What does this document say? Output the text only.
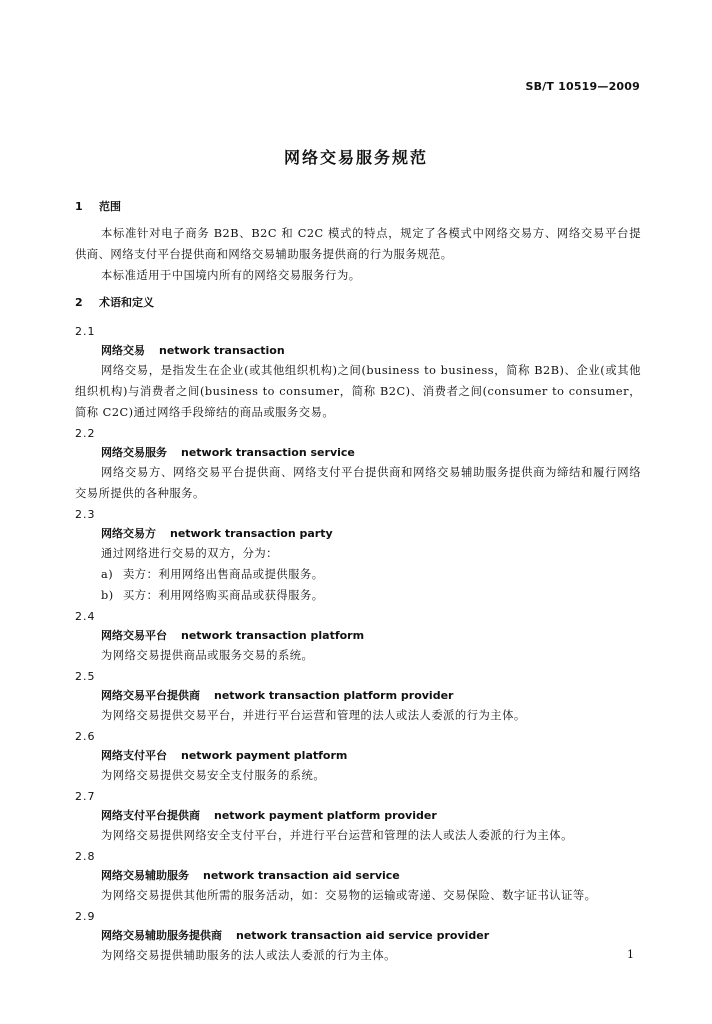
SB/T 10519—2009
网络交易服务规范
1 范围

本标准针对电子商务 B2B、B2C 和 C2C 模式的特点，规定了各模式中网络交易方、网络交易平台提供商、网络支付平台提供商和网络交易辅助服务提供商的行为服务规范。

本标准适用于中国境内所有的网络交易服务行为。

2 术语和定义
2.1
网络交易 network transaction

网络交易，是指发生在企业(或其他组织机构)之间(business to business，简称 B2B)、企业(或其他组织机构)与消费者之间(business to consumer，简称 B2C)、消费者之间(consumer to consumer，简称 C2C)通过网络手段缔结的商品或服务交易。

2.2
网络交易服务 network transaction service

网络交易方、网络交易平台提供商、网络支付平台提供商和网络交易辅助服务提供商为缔结和履行网络交易所提供的各种服务。

2.3
网络交易方 network transaction party

通过网络进行交易的双方，分为：

a) 卖方：利用网络出售商品或提供服务。

b) 买方：利用网络购买商品或获得服务。

2.4
网络交易平台 network transaction platform

为网络交易提供商品或服务交易的系统。

2.5
网络交易平台提供商 network transaction platform provider

为网络交易提供交易平台，并进行平台运营和管理的法人或法人委派的行为主体。

2.6
网络支付平台 network payment platform

为网络交易提供交易安全支付服务的系统。

2.7
网络支付平台提供商 network payment platform provider

为网络交易提供网络安全支付平台，并进行平台运营和管理的法人或法人委派的行为主体。

2.8
网络交易辅助服务 network transaction aid service

为网络交易提供其他所需的服务活动，如：交易物的运输或寄递、交易保险、数字证书认证等。

2.9
网络交易辅助服务提供商 network transaction aid service provider

为网络交易提供辅助服务的法人或法人委派的行为主体。	1
